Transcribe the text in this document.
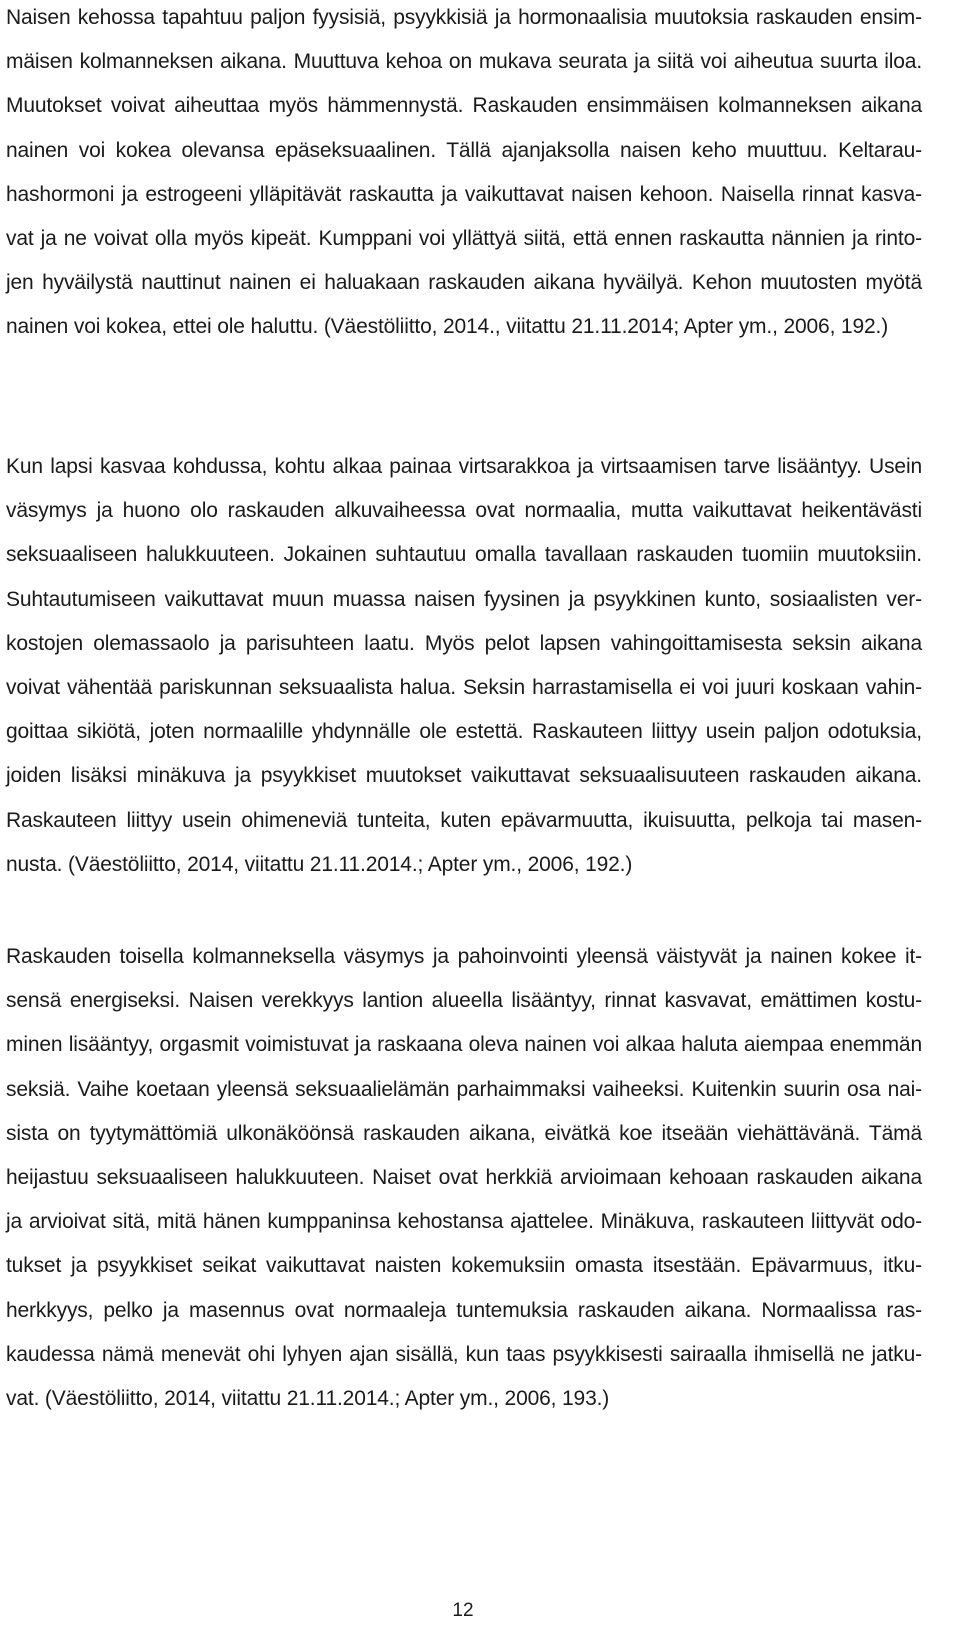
Naisen kehossa tapahtuu paljon fyysisiä, psyykkisiä ja hormonaalisia muutoksia raskauden ensim-
mäisen kolmanneksen aikana. Muuttuva kehoa on mukava seurata ja siitä voi aiheutua suurta iloa.
Muutokset voivat aiheuttaa myös hämmennystä. Raskauden ensimmäisen kolmanneksen aikana
nainen voi kokea olevansa epäseksuaalinen. Tällä ajanjaksolla naisen keho muuttuu. Keltarau-
hashormoni ja estrogeeni ylläpitävät raskautta ja vaikuttavat naisen kehoon. Naisella rinnat kasva-
vat ja ne voivat olla myös kipeät. Kumppani voi yllättyä siitä, että ennen raskautta nännien ja rinto-
jen hyväilystä nauttinut nainen ei haluakaan raskauden aikana hyväilyä. Kehon muutosten myötä
nainen voi kokea, ettei ole haluttu. (Väestöliitto, 2014., viitattu 21.11.2014; Apter ym., 2006, 192.)

Kun lapsi kasvaa kohdussa, kohtu alkaa painaa virtsarakkoa ja virtsaamisen tarve lisääntyy. Usein
väsymys ja huono olo raskauden alkuvaiheessa ovat normaalia, mutta vaikuttavat heikentävästi
seksuaaliseen halukkuuteen. Jokainen suhtautuu omalla tavallaan raskauden tuomiin muutoksiin.
Suhtautumiseen vaikuttavat muun muassa naisen fyysinen ja psyykkinen kunto, sosiaalisten ver-
kostojen olemassaolo ja parisuhteen laatu. Myös pelot lapsen vahingoittamisesta seksin aikana
voivat vähentää pariskunnan seksuaalista halua. Seksin harrastamisella ei voi juuri koskaan vahin-
goittaa sikiötä, joten normaalille yhdynnälle ole estettä. Raskauteen liittyy usein paljon odotuksia,
joiden lisäksi minäkuva ja psyykkiset muutokset vaikuttavat seksuaalisuuteen raskauden aikana.
Raskauteen liittyy usein ohimeneviä tunteita, kuten epävarmuutta, ikuisuutta, pelkoja tai masen-
nusta. (Väestöliitto, 2014, viitattu 21.11.2014.; Apter ym., 2006, 192.)

Raskauden toisella kolmanneksella väsymys ja pahoinvointi yleensä väistyvät ja nainen kokee it-
sensä energiseksi. Naisen verekkyys lantion alueella lisääntyy, rinnat kasvavat, emättimen kostu-
minen lisääntyy, orgasmit voimistuvat ja raskaana oleva nainen voi alkaa haluta aiempaa enemmän
seksiä. Vaihe koetaan yleensä seksuaalielämän parhaimmaksi vaiheeksi. Kuitenkin suurin osa nai-
sista on tyytymättömiä ulkonäköönsä raskauden aikana, eivätkä koe itseään viehättävänä. Tämä
heijastuu seksuaaliseen halukkuuteen. Naiset ovat herkkiä arvioimaan kehoaan raskauden aikana
ja arvioivat sitä, mitä hänen kumppaninsa kehostansa ajattelee. Minäkuva, raskauteen liittyvät odo-
tukset ja psyykkiset seikat vaikuttavat naisten kokemuksiin omasta itsestään. Epävarmuus, itku-
herkkyys, pelko ja masennus ovat normaaleja tuntemuksia raskauden aikana. Normaalissa ras-
kaudessa nämä menevät ohi lyhyen ajan sisällä, kun taas psyykkisesti sairaalla ihmisellä ne jatku-
vat. (Väestöliitto, 2014, viitattu 21.11.2014.; Apter ym., 2006, 193.)

12
